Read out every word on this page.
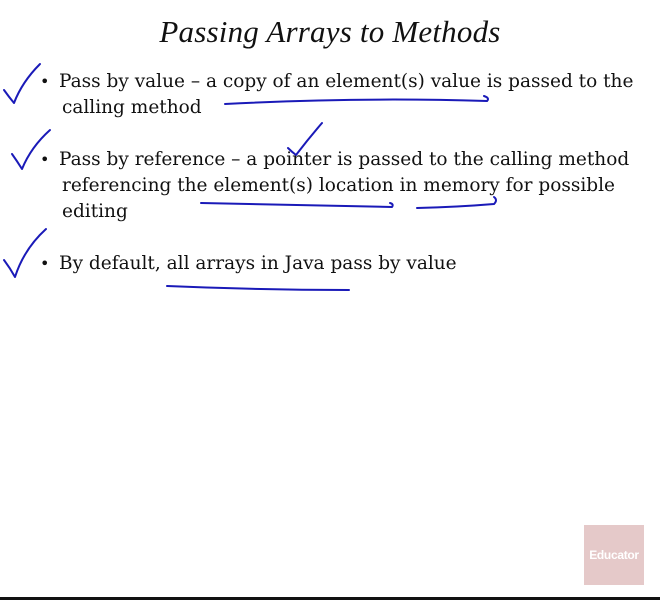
Passing Arrays to Methods
• Pass by value – a copy of an element(s) value is passed to the
calling method
• Pass by reference – a pointer is passed to the calling method
referencing the element(s) location in memory for possible
editing
• By default, all arrays in Java pass by value
Educator
